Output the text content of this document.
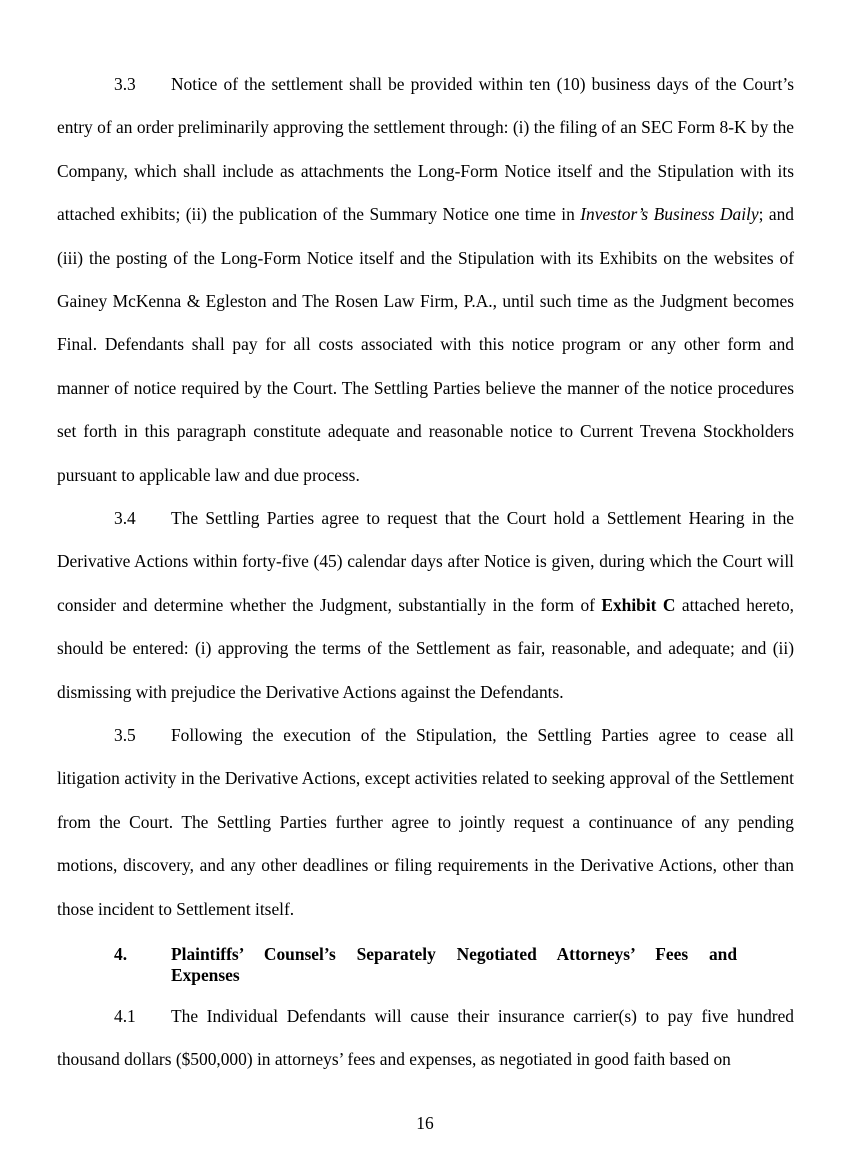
3.3 Notice of the settlement shall be provided within ten (10) business days of the Court’s entry of an order preliminarily approving the settlement through: (i) the filing of an SEC Form 8-K by the Company, which shall include as attachments the Long-Form Notice itself and the Stipulation with its attached exhibits; (ii) the publication of the Summary Notice one time in Investor’s Business Daily; and (iii) the posting of the Long-Form Notice itself and the Stipulation with its Exhibits on the websites of Gainey McKenna & Egleston and The Rosen Law Firm, P.A., until such time as the Judgment becomes Final. Defendants shall pay for all costs associated with this notice program or any other form and manner of notice required by the Court. The Settling Parties believe the manner of the notice procedures set forth in this paragraph constitute adequate and reasonable notice to Current Trevena Stockholders pursuant to applicable law and due process.

3.4 The Settling Parties agree to request that the Court hold a Settlement Hearing in the Derivative Actions within forty-five (45) calendar days after Notice is given, during which the Court will consider and determine whether the Judgment, substantially in the form of Exhibit C attached hereto, should be entered: (i) approving the terms of the Settlement as fair, reasonable, and adequate; and (ii) dismissing with prejudice the Derivative Actions against the Defendants.

3.5 Following the execution of the Stipulation, the Settling Parties agree to cease all litigation activity in the Derivative Actions, except activities related to seeking approval of the Settlement from the Court. The Settling Parties further agree to jointly request a continuance of any pending motions, discovery, and any other deadlines or filing requirements in the Derivative Actions, other than those incident to Settlement itself.

4.	Plaintiffs’ Counsel’s Separately Negotiated Attorneys’ Fees and
Expenses

4.1 The Individual Defendants will cause their insurance carrier(s) to pay five hundred thousand dollars ($500,000) in attorneys’ fees and expenses, as negotiated in good faith based on

16
